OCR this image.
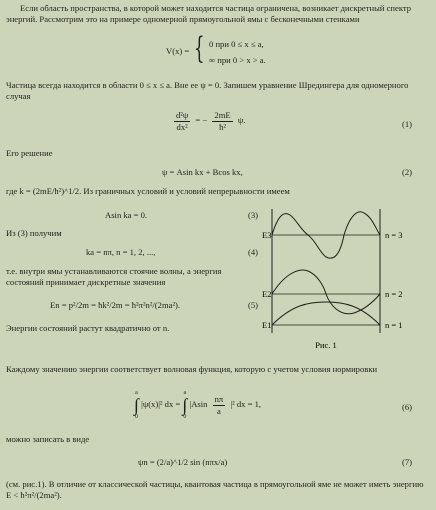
Если область пространства, в которой может находится частица ограничена, возникает дискретный спектр энергий. Рассмотрим это на примере одномерной прямоугольной ямы с бесконечными стенками
V(x) = { 0 при 0 ≤ x ≤ a,
∞ при 0 > x > a.
Частица всегда находится в области 0 ≤ x ≤ a. Вне ее ψ = 0. Запишем уравнение Шредингера для одномерного случая
$\frac{\text{d²ψ}}{\text{dx²}}$ = − $\frac{2mE}{\text{ħ²}} \psi$.	(1)
Его решение
ψ = Asin kx + Bcos kx,	(2)
где k = (2mE/ħ²)^1/2. Из граничных условий и условий непрерывности имеем
Asin ka = 0.	(3)
Из (3) получим
ka = nπ, n = 1, 2, ...,	(4)
т.е. внутри ямы устанавливаются стоячие волны, а энергия состояний принимает дискретные значения
En = p²/2m = ħk²/2m = ħ²π²n²/(2ma²).	(5)
Энергии состояний растут квадратично от n.
E3
E2
E1
n = 3
n = 2
n = 1
Рис. 1
Каждому значению энергии соответствует волновая функция, которую с учетом условия нормировки
a
∫
0 |ψ(x)|² dx = a
∫
0 $|Asin \frac{n\pi}{a} |^2$ dx = 1,	(6)
можно записать в виде
ψn = (2/a)^1/2 sin (nπx/a)	(7)
(см. рис.1). В отличие от классической частицы, квантовая частица в прямоугольной яме не может иметь энергию E < ħ²π²/(2ma²).
